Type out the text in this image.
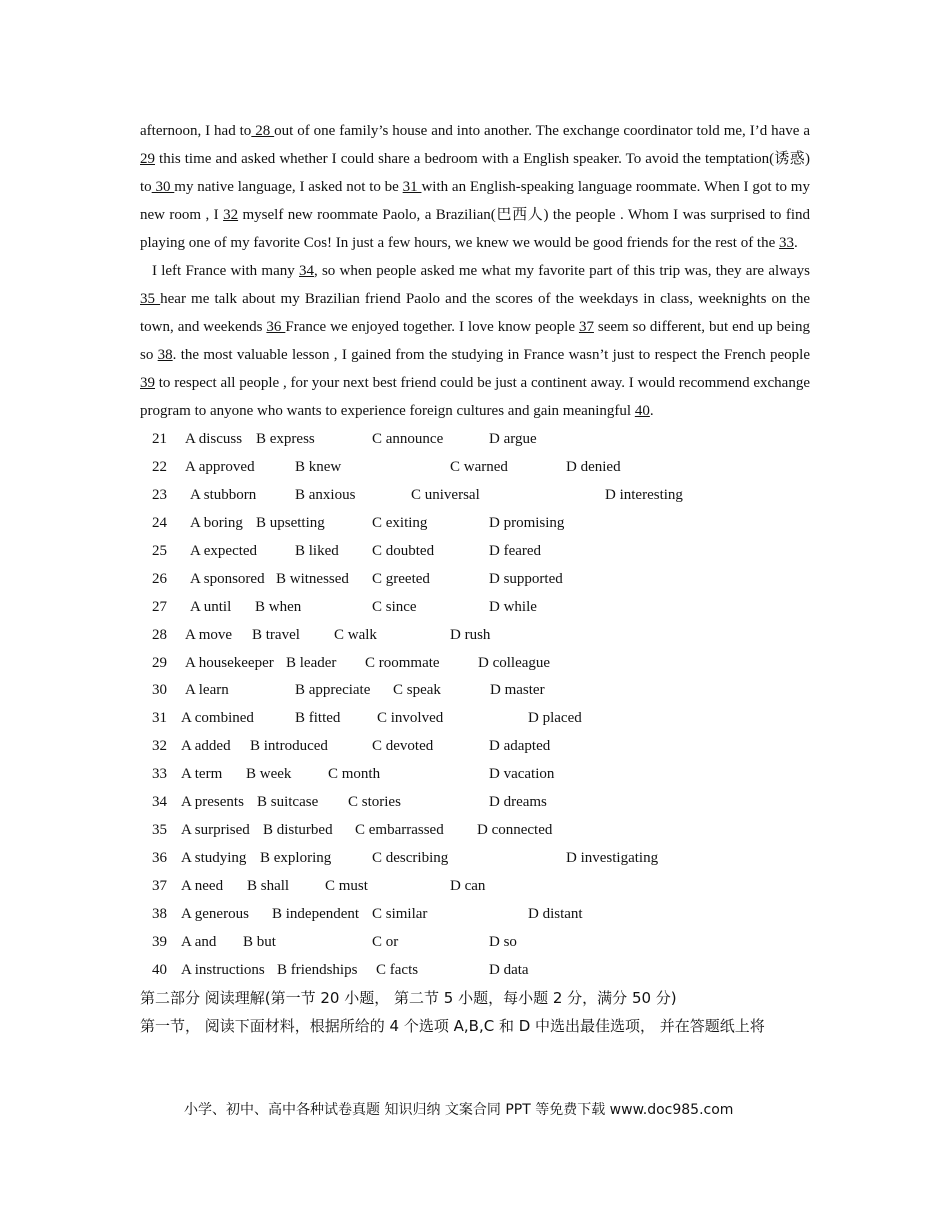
afternoon, I had to 28 out of one family’s house and into another. The exchange coordinator told me, I’d have a 29 this time and asked whether I could share a bedroom with a English speaker. To avoid the temptation(诱惑) to 30 my native language, I asked not to be 31 with an English-speaking language roommate. When I got to my new room , I 32 myself new roommate Paolo, a Brazilian(巴西人) the people . Whom I was surprised to find playing one of my favorite Cos! In just a few hours, we knew we would be good friends for the rest of the 33.

I left France with many 34, so when people asked me what my favorite part of this trip was, they are always 35 hear me talk about my Brazilian friend Paolo and the scores of the weekdays in class, weeknights on the town, and weekends 36 France we enjoyed together. I love know people 37 seem so different, but end up being so 38. the most valuable lesson , I gained from the studying in France wasn’t just to respect the French people 39 to respect all people , for your next best friend could be just a continent away. I would recommend exchange program to anyone who wants to experience foreign cultures and gain meaningful 40.

21 A discuss B express	C announce	D argue
22 A approved	B knew	C warned	D denied
23 A stubborn	B anxious	C universal	D interesting
24 A boring B upsetting	C exiting	D promising
25 A expected	B liked C doubted	D feared
26 A sponsored B witnessed C greeted	D supported
27 A until B when	C since	D while
28 A move B travel C walk	D rush
29 A housekeeper B leader C roommate	D colleague
30 A learn	B appreciate C speak	D master
31 A combined	B fitted C involved	D placed
32 A added B introduced	C devoted	D adapted
33 A term B week C month	D vacation
34 A presents B suitcase C stories	D dreams
35 A surprised B disturbed C embarrassed D connected
36 A studying B exploring	C describing	D investigating
37 A need B shall C must	D can
38 A generous B independent C similar	D distant
39 A and B but	C or	D so
40 A instructions B friendships C facts	D data
第二部分 阅读理解(第一节 20 小题， 第二节 5 小题，每小题 2 分，满分 50 分)
第一节， 阅读下面材料，根据所给的 4 个选项 A,B,C 和 D 中选出最佳选项， 并在答题纸上将
小学、初中、高中各种试卷真题 知识归纳 文案合同 PPT 等免费下载 www.doc985.com
